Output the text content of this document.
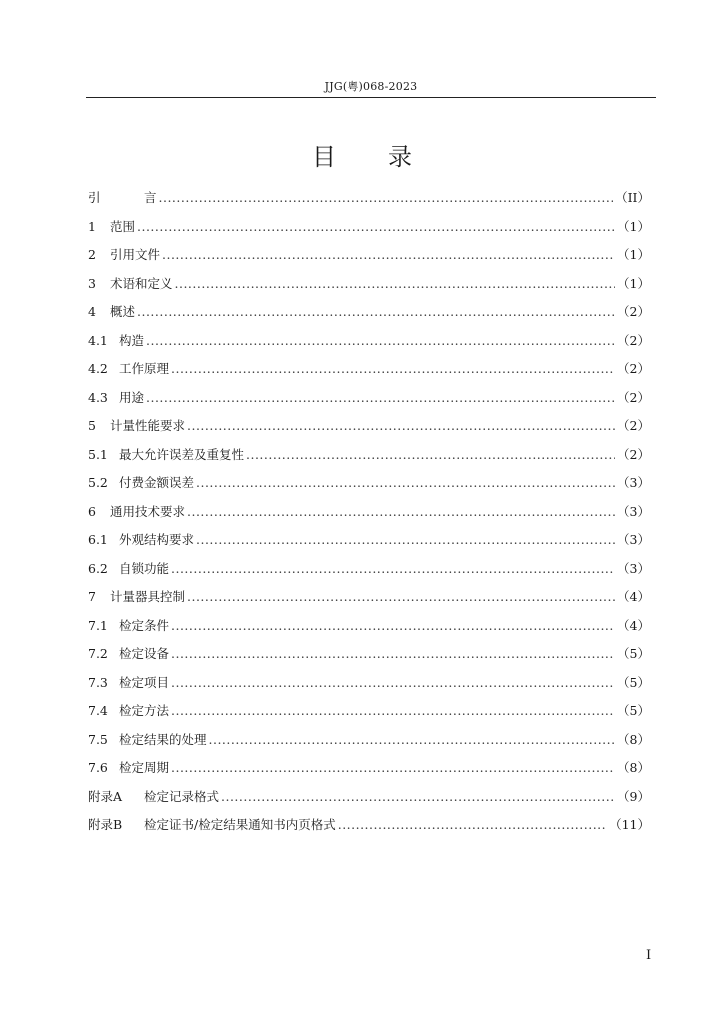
JJG(粤)068-2023
目 录
引	言 .....	（II）
1	范围 .....	（1）
2	引用文件 .....	（1）
3	术语和定义 .....	（1）
4	概述 .....	（2）
4.1 构造 .....	（2）
4.2 工作原理 .....	（2）
4.3 用途 .....	（2）
5	计量性能要求 .....	（2）
5.1 最大允许误差及重复性 .....	（2）
5.2 付费金额误差 .....	（3）
6	通用技术要求 .....	（3）
6.1 外观结构要求 .....	（3）
6.2 自锁功能 .....	（3）
7	计量器具控制 .....	（4）
7.1 检定条件 .....	（4）
7.2 检定设备 .....	（5）
7.3 检定项目 .....	（5）
7.4 检定方法 .....	（5）
7.5 检定结果的处理 .....	（8）
7.6 检定周期 .....	（8）
附录A	检定记录格式 .....	（9）
附录B	检定证书/检定结果通知书内页格式 .....	（11）
I
